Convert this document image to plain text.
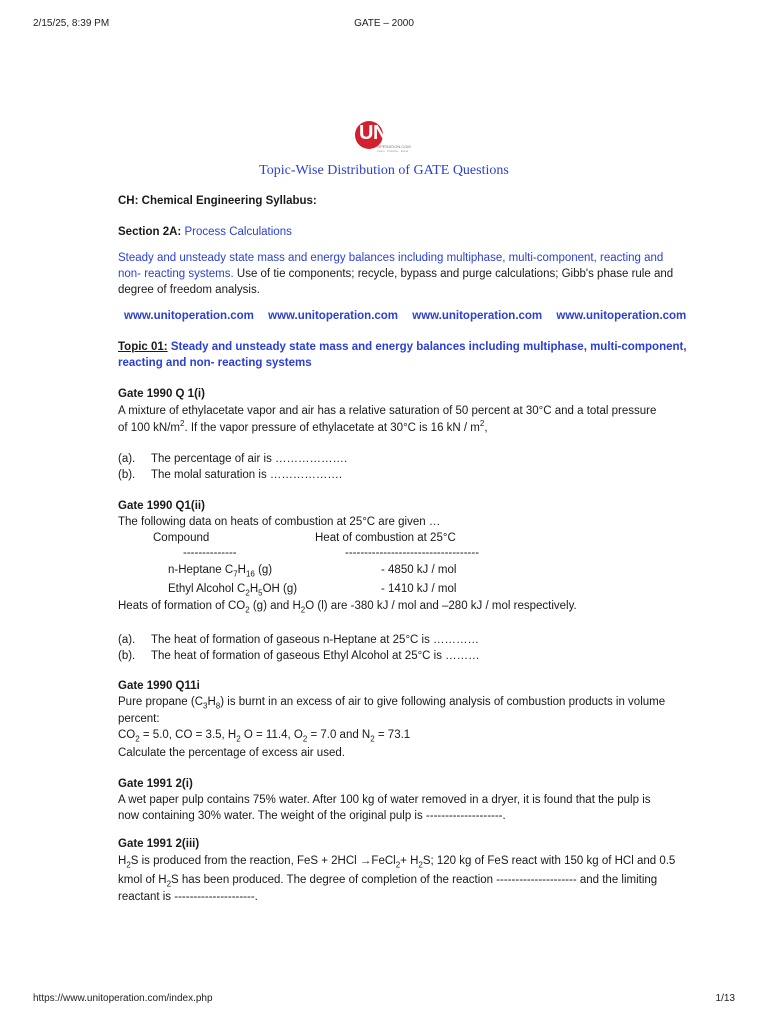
2/15/25, 8:39 PM	GATE – 2000
https://www.unitoperation.com/index.php	1/13
UNIT
OPERATION.COM
Learn · Practice · Excel
Topic-Wise Distribution of GATE Questions
CH: Chemical Engineering Syllabus:
Section 2A: Process Calculations
Steady and unsteady state mass and energy balances including multiphase, multi-component, reacting and
non- reacting systems. Use of tie components; recycle, bypass and purge calculations; Gibb's phase rule and
degree of freedom analysis.
www.unitoperation.com www.unitoperation.com www.unitoperation.com www.unitoperation.com
Topic 01: Steady and unsteady state mass and energy balances including multiphase, multi-component,
reacting and non- reacting systems
Gate 1990 Q 1(i)
A mixture of ethylacetate vapor and air has a relative saturation of 50 percent at 30°C and a total pressure
of 100 $kN/m^2$. If the vapor pressure of ethylacetate at 30°C is 16 kN / $m^2$,
(a). The percentage of air is ……………….
(b). The molal saturation is ……………….
Gate 1990 Q1(ii)
The following data on heats of combustion at 25°C are given …
Compound	Heat of combustion at 25°C
--------------	-----------------------------------
n-Heptane $C_7H_{16}$ (g)	- 4850 kJ / mol
Ethyl Alcohol $C_2H_5OH$ (g)	- 1410 kJ / mol
Heats of formation of $CO_2$ (g) and $H_2O$ (l) are -380 kJ / mol and –280 kJ / mol respectively.
(a). The heat of formation of gaseous n-Heptane at 25°C is …………
(b). The heat of formation of gaseous Ethyl Alcohol at 25°C is ………
Gate 1990 Q11i
Pure propane $(C_3H_8)$ is burnt in an excess of air to give following analysis of combustion products in volume
percent:
$CO_2 = 5.0$, CO = 3.5, $H_2$ O = 11.4, $O_2 = 7.0$ and $N_2 = 73.1$
Calculate the percentage of excess air used.
Gate 1991 2(i)
A wet paper pulp contains 75% water. After 100 kg of water removed in a dryer, it is found that the pulp is
now containing 30% water. The weight of the original pulp is --------------------.
Gate 1991 2(iii)
$H_2S$ is produced from the reaction, FeS + 2HCl →FeCl$_2$+ $H_2S$; 120 kg of FeS react with 150 kg of HCl and 0.5
kmol of $H_2S$ has been produced. The degree of completion of the reaction --------------------- and the limiting
reactant is ---------------------.
